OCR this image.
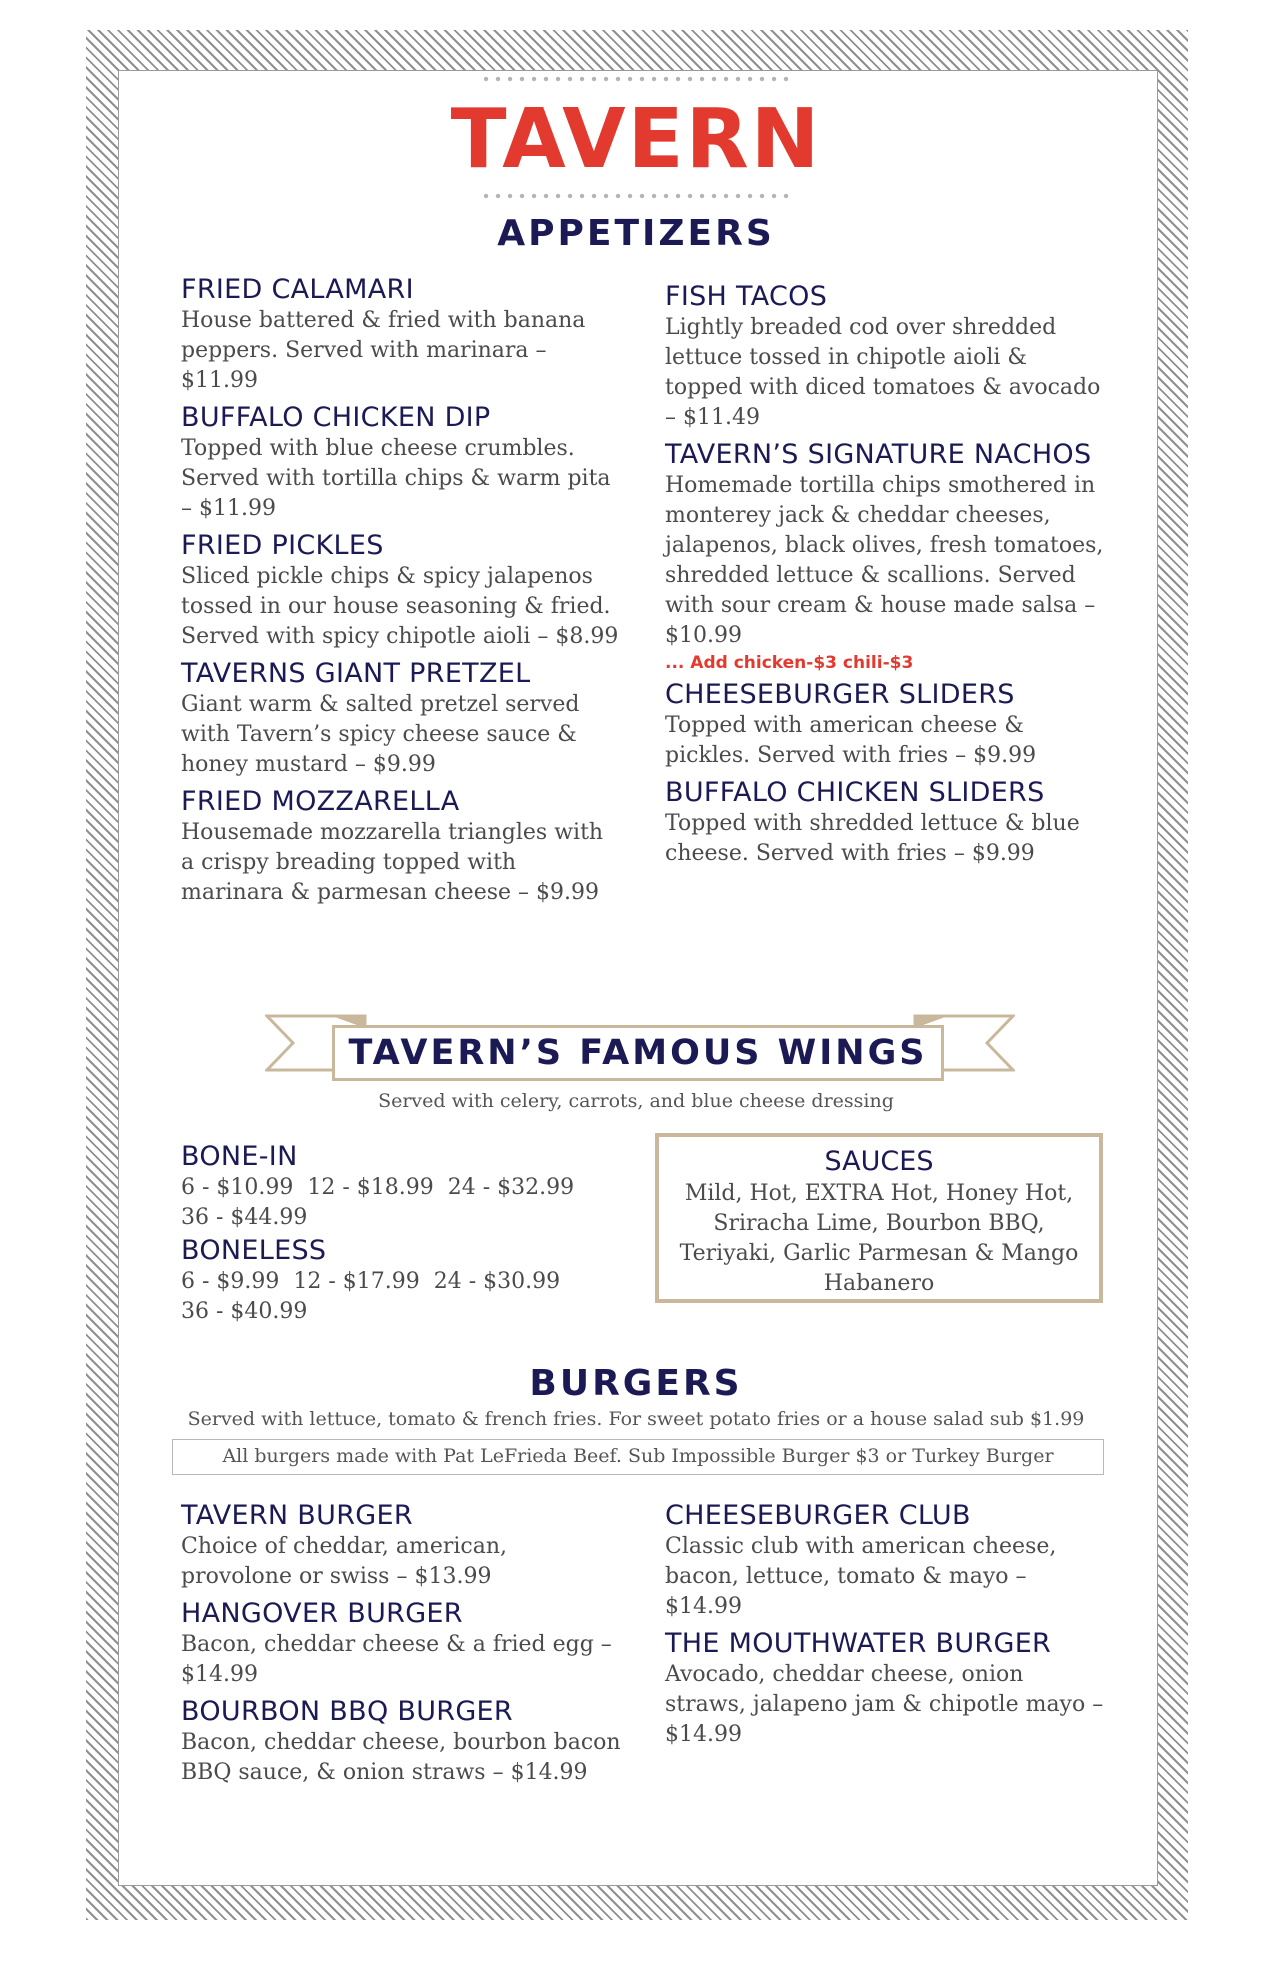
TAVERN
APPETIZERS

FRIED CALAMARI

House battered & fried with banana peppers. Served with marinara – $11.99

BUFFALO CHICKEN DIP

Topped with blue cheese crumbles. Served with tortilla chips & warm pita – $11.99

FRIED PICKLES

Sliced pickle chips & spicy jalapenos tossed in our house seasoning & fried. Served with spicy chipotle aioli – $8.99

TAVERNS GIANT PRETZEL

Giant warm & salted pretzel served with Tavern’s spicy cheese sauce & honey mustard – $9.99

FRIED MOZZARELLA

Housemade mozzarella triangles with a crispy breading topped with marinara & parmesan cheese – $9.99

FISH TACOS

Lightly breaded cod over shredded lettuce tossed in chipotle aioli & topped with diced tomatoes & avocado – $11.49

TAVERN’S SIGNATURE NACHOS

Homemade tortilla chips smothered in monterey jack & cheddar cheeses, jalapenos, black olives, fresh tomatoes, shredded lettuce & scallions. Served with sour cream & house made salsa – $10.99

... Add chicken-$3 chili-$3

CHEESEBURGER SLIDERS

Topped with american cheese & pickles. Served with fries – $9.99

BUFFALO CHICKEN SLIDERS

Topped with shredded lettuce & blue cheese. Served with fries – $9.99

TAVERN’S FAMOUS WINGS
Served with celery, carrots, and blue cheese dressing

BONE-IN

6 - $10.99  12 - $18.99  24 - $32.99

36 - $44.99

BONELESS

6 - $9.99  12 - $17.99  24 - $30.99

36 - $40.99

SAUCES

Mild, Hot, EXTRA Hot, Honey Hot, Sriracha Lime, Bourbon BBQ, Teriyaki, Garlic Parmesan & Mango Habanero

BURGERS
Served with lettuce, tomato & french fries. For sweet potato fries or a house salad sub $1.99
All burgers made with Pat LeFrieda Beef. Sub Impossible Burger $3 or Turkey Burger

TAVERN BURGER

Choice of cheddar, american, provolone or swiss – $13.99

HANGOVER BURGER

Bacon, cheddar cheese & a fried egg – $14.99

BOURBON BBQ BURGER

Bacon, cheddar cheese, bourbon bacon BBQ sauce, & onion straws – $14.99

CHEESEBURGER CLUB

Classic club with american cheese, bacon, lettuce, tomato & mayo – $14.99

THE MOUTHWATER BURGER

Avocado, cheddar cheese, onion straws, jalapeno jam & chipotle mayo – $14.99
